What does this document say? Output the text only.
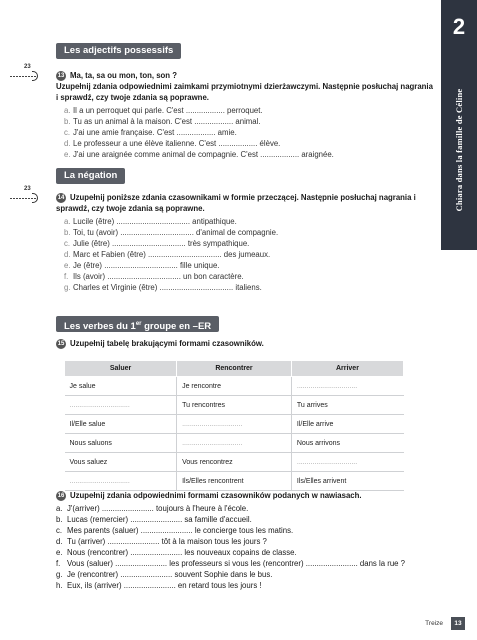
2
Chiara dans la famille de Céline
Les adjectifs possessifs
23
13 Ma, ta, sa ou mon, ton, son ?
Uzupełnij zdania odpowiednimi zaimkami przymiotnymi dzierżawczymi. Następnie posłuchaj nagrania i sprawdź, czy twoje zdania są poprawne.
a. Il a un perroquet qui parle. C'est .................. perroquet.
b. Tu as un animal à la maison. C'est .................. animal.
c. J'ai une amie française. C'est .................. amie.
d. Le professeur a une élève italienne. C'est .................. élève.
e. J'ai une araignée comme animal de compagnie. C'est .................. araignée.
La négation
23
14 Uzupełnij poniższe zdania czasownikami w formie przeczącej. Następnie posłuchaj nagrania i sprawdź, czy twoje zdania są poprawne.
a. Lucile (être) .................................. antipathique.
b. Toi, tu (avoir) .................................. d'animal de compagnie.
c. Julie (être) .................................. très sympathique.
d. Marc et Fabien (être) .................................. des jumeaux.
e. Je (être) .................................. fille unique.
f. Ils (avoir) .................................. un bon caractère.
g. Charles et Virginie (être) .................................. italiens.
Les verbes du 1er groupe en –ER
15 Uzupełnij tabelę brakującymi formami czasowników.
Saluer	Rencontrer	Arriver
Je salue	Je rencontre	...............................
...............................	Tu rencontres	Tu arrives
Il/Elle salue	...............................	Il/Elle arrive
Nous saluons	...............................	Nous arrivons
Vous saluez	Vous rencontrez	...............................
...............................	Ils/Elles rencontrent	Ils/Elles arrivent
16 Uzupełnij zdania odpowiednimi formami czasowników podanych w nawiasach.
a. J'(arriver) ........................ toujours à l'heure à l'école.
b. Lucas (remercier) ........................ sa famille d'accueil.
c. Mes parents (saluer) ........................ le concierge tous les matins.
d. Tu (arriver) ........................ tôt à la maison tous les jours ?
e. Nous (rencontrer) ........................ les nouveaux copains de classe.
f. Vous (saluer) ........................ les professeurs si vous les (rencontrer) ........................ dans la rue ?
g. Je (rencontrer) ........................ souvent Sophie dans le bus.
h. Eux, ils (arriver) ........................ en retard tous les jours !
Treize 13
